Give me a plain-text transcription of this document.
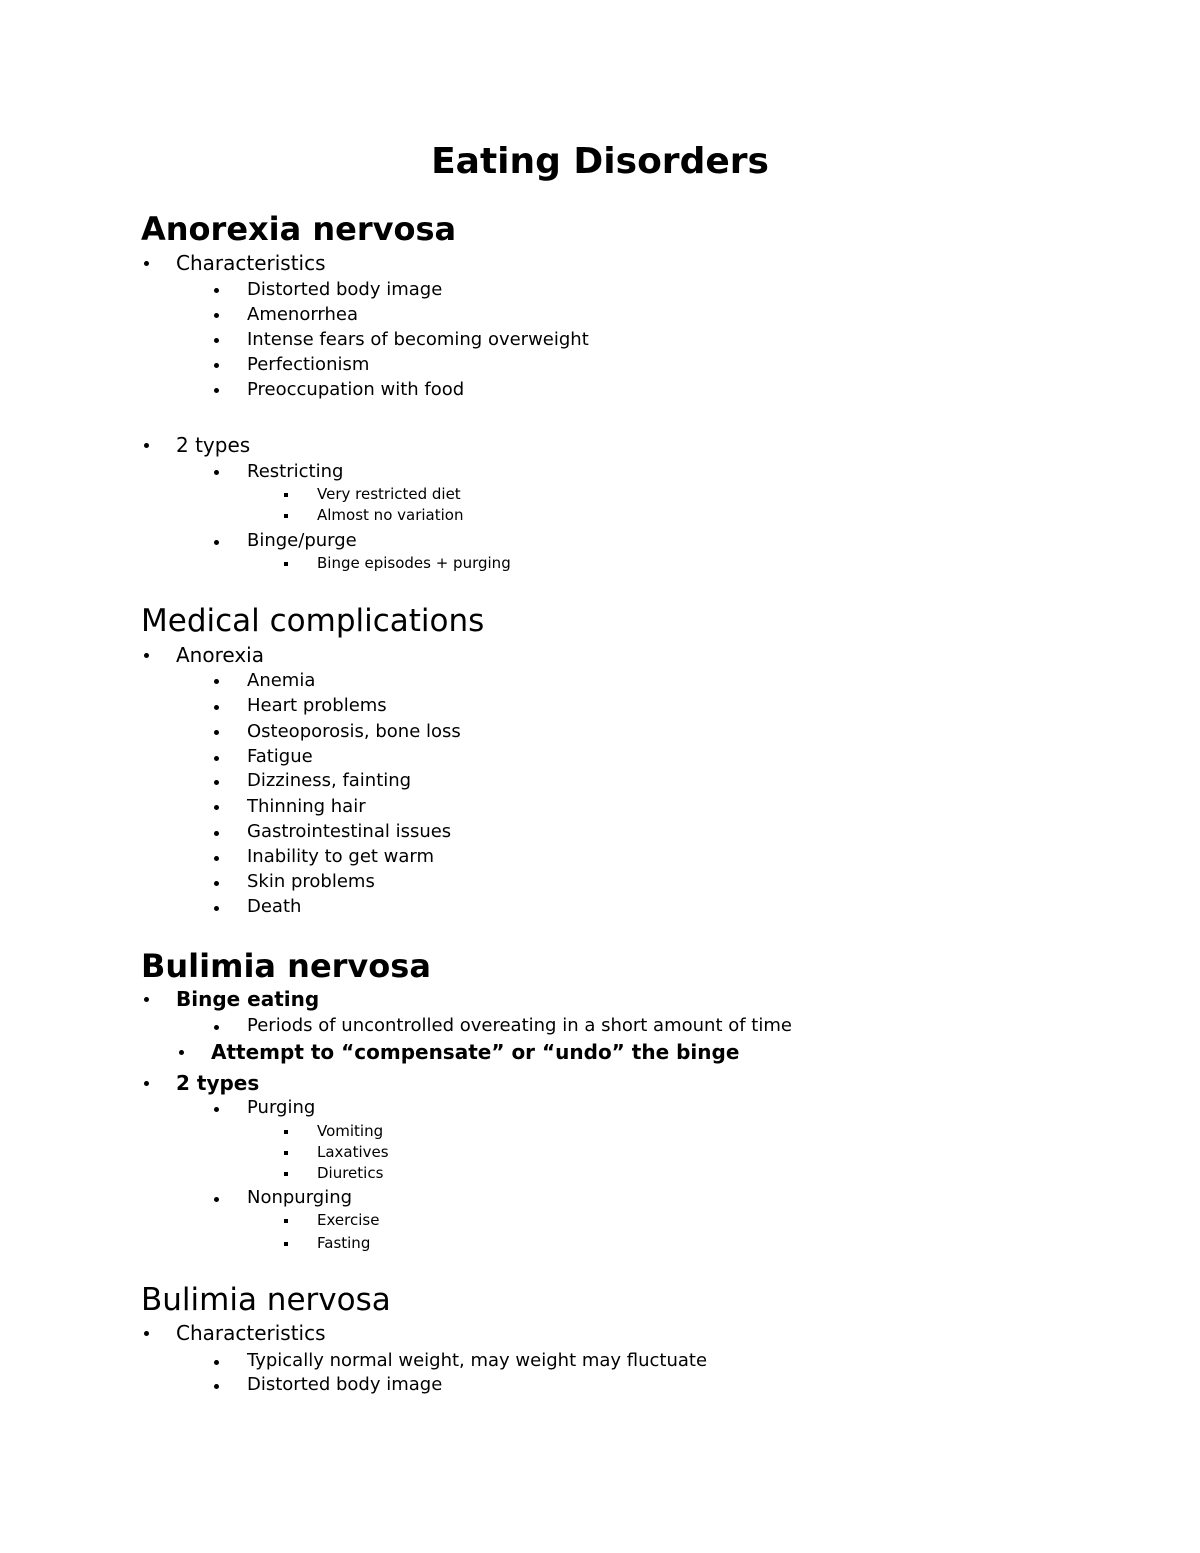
Eating Disorders
Anorexia nervosa
Characteristics
Distorted body image
Amenorrhea
Intense fears of becoming overweight
Perfectionism
Preoccupation with food
2 types
Restricting
Very restricted diet
Almost no variation
Binge/purge
Binge episodes + purging
Medical complications
Anorexia
Anemia
Heart problems
Osteoporosis, bone loss
Fatigue
Dizziness, fainting
Thinning hair
Gastrointestinal issues
Inability to get warm
Skin problems
Death
Bulimia nervosa
Binge eating
Periods of uncontrolled overeating in a short amount of time
Attempt to “compensate” or “undo” the binge
2 types
Purging
Vomiting
Laxatives
Diuretics
Nonpurging
Exercise
Fasting
Bulimia nervosa
Characteristics
Typically normal weight, may weight may fluctuate
Distorted body image
